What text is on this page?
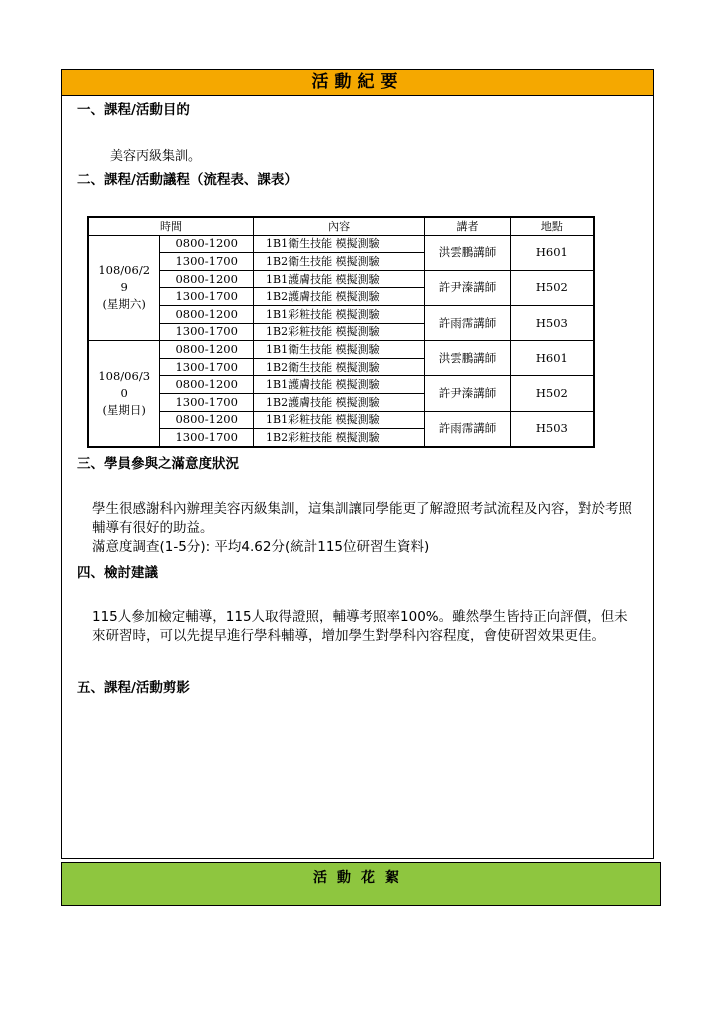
活動紀要
一、課程/活動目的
美容丙級集訓。
二、課程/活動議程（流程表、課表）
時間		內容	講者	地點
108/06/2
9
(星期六)	0800-1200	1B1衛生技能 模擬測驗	洪雲鵬講師	H601
	1300-1700	1B2衛生技能 模擬測驗		
	0800-1200	1B1護膚技能 模擬測驗	許尹溱講師	H502
	1300-1700	1B2護膚技能 模擬測驗		
	0800-1200	1B1彩粧技能 模擬測驗	許雨霈講師	H503
	1300-1700	1B2彩粧技能 模擬測驗		
108/06/3
0
(星期日)	0800-1200	1B1衛生技能 模擬測驗	洪雲鵬講師	H601
	1300-1700	1B2衛生技能 模擬測驗		
	0800-1200	1B1護膚技能 模擬測驗	許尹溱講師	H502
	1300-1700	1B2護膚技能 模擬測驗		
	0800-1200	1B1彩粧技能 模擬測驗	許雨霈講師	H503
	1300-1700	1B2彩粧技能 模擬測驗		
三、學員參與之滿意度狀況
學生很感謝科內辦理美容丙級集訓，這集訓讓同學能更了解證照考試流程及內容，對於考照輔導有很好的助益。
滿意度調查(1-5分): 平均4.62分(統計115位研習生資料)
四、檢討建議
115人參加檢定輔導，115人取得證照，輔導考照率100%。雖然學生皆持正向評價，但未來研習時，可以先提早進行學科輔導，增加學生對學科內容程度，會使研習效果更佳。
五、課程/活動剪影
活動花絮
